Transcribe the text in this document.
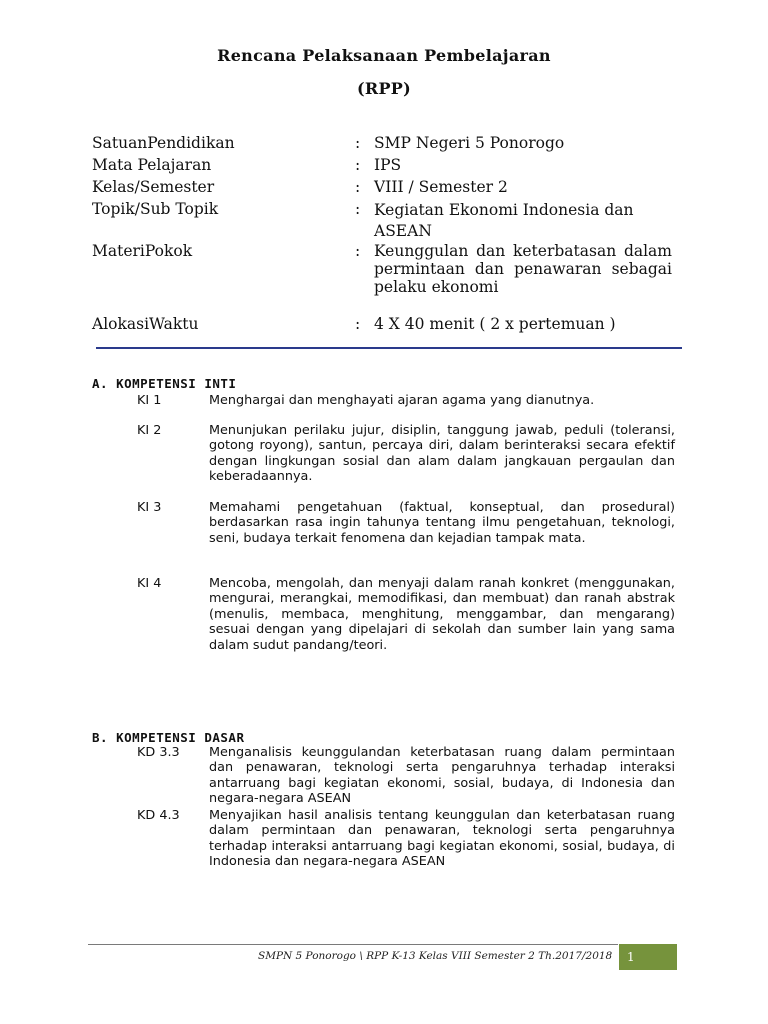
Rencana Pelaksanaan Pembelajaran
(RPP)
SatuanPendidikan	: SMP Negeri 5 Ponorogo
Mata Pelajaran	: IPS
Kelas/Semester	: VIII / Semester 2
Topik/Sub Topik	: Kegiatan Ekonomi Indonesia dan ASEAN
MateriPokok	: Keunggulan dan keterbatasan dalam permintaan dan penawaran sebagai pelaku ekonomi
AlokasiWaktu	: 4 X 40 menit ( 2 x pertemuan )
A. KOMPETENSI INTI
KI 1	Menghargai dan menghayati ajaran agama yang dianutnya.
KI 2	Menunjukan perilaku jujur, disiplin, tanggung jawab, peduli (toleransi, gotong royong), santun, percaya diri, dalam berinteraksi secara efektif dengan lingkungan sosial dan alam dalam jangkauan pergaulan dan keberadaannya.
KI 3	Memahami pengetahuan (faktual, konseptual, dan prosedural) berdasarkan rasa ingin tahunya tentang ilmu pengetahuan, teknologi, seni, budaya terkait fenomena dan kejadian tampak mata.
KI 4	Mencoba, mengolah, dan menyaji dalam ranah konkret (menggunakan, mengurai, merangkai, memodifikasi, dan membuat) dan ranah abstrak (menulis, membaca, menghitung, menggambar, dan mengarang) sesuai dengan yang dipelajari di sekolah dan sumber lain yang sama dalam sudut pandang/teori.
B. KOMPETENSI DASAR
KD 3.3 Menganalisis keunggulandan keterbatasan ruang dalam permintaan dan penawaran, teknologi serta pengaruhnya terhadap interaksi antarruang bagi kegiatan ekonomi, sosial, budaya, di Indonesia dan negara-negara ASEAN
KD 4.3 Menyajikan hasil analisis tentang keunggulan dan keterbatasan ruang dalam permintaan dan penawaran, teknologi serta pengaruhnya terhadap interaksi antarruang bagi kegiatan ekonomi, sosial, budaya, di Indonesia dan negara-negara ASEAN
SMPN 5 Ponorogo \ RPP K-13 Kelas VIII Semester 2 Th.2017/2018 1
